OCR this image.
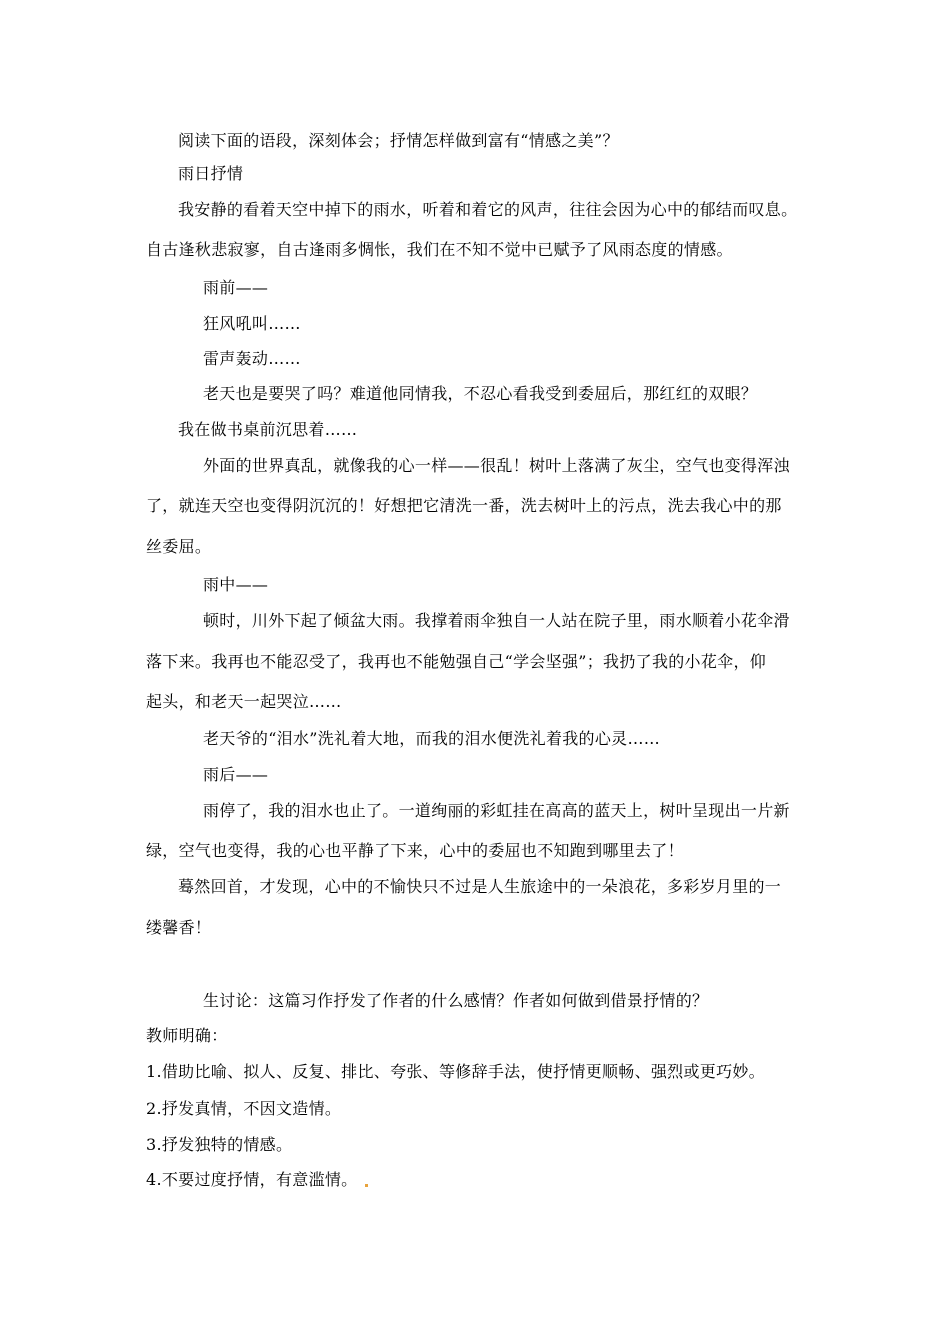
阅读下面的语段，深刻体会；抒情怎样做到富有“情感之美”？
雨日抒情
我安静的看着天空中掉下的雨水，听着和着它的风声，往往会因为心中的郁结而叹息。
自古逢秋悲寂寥，自古逢雨多惆怅，我们在不知不觉中已赋予了风雨态度的情感。
雨前——
狂风吼叫……
雷声轰动……
老天也是要哭了吗？难道他同情我，不忍心看我受到委屈后，那红红的双眼？
我在做书桌前沉思着……
外面的世界真乱，就像我的心一样——很乱！树叶上落满了灰尘，空气也变得浑浊
了，就连天空也变得阴沉沉的！好想把它清洗一番，洗去树叶上的污点，洗去我心中的那
丝委屈。
雨中——
顿时，川外下起了倾盆大雨。我撑着雨伞独自一人站在院子里，雨水顺着小花伞滑
落下来。我再也不能忍受了，我再也不能勉强自己“学会坚强”；我扔了我的小花伞，仰
起头，和老天一起哭泣……
老天爷的“泪水”洗礼着大地，而我的泪水便洗礼着我的心灵……
雨后——
雨停了，我的泪水也止了。一道绚丽的彩虹挂在高高的蓝天上，树叶呈现出一片新
绿，空气也变得，我的心也平静了下来，心中的委屈也不知跑到哪里去了！
蓦然回首，才发现，心中的不愉快只不过是人生旅途中的一朵浪花，多彩岁月里的一
缕馨香！
生讨论：这篇习作抒发了作者的什么感情？作者如何做到借景抒情的？
教师明确：
1.借助比喻、拟人、反复、排比、夸张、等修辞手法，使抒情更顺畅、强烈或更巧妙。
2.抒发真情，不因文造情。
3.抒发独特的情感。
4.不要过度抒情，有意滥情。
